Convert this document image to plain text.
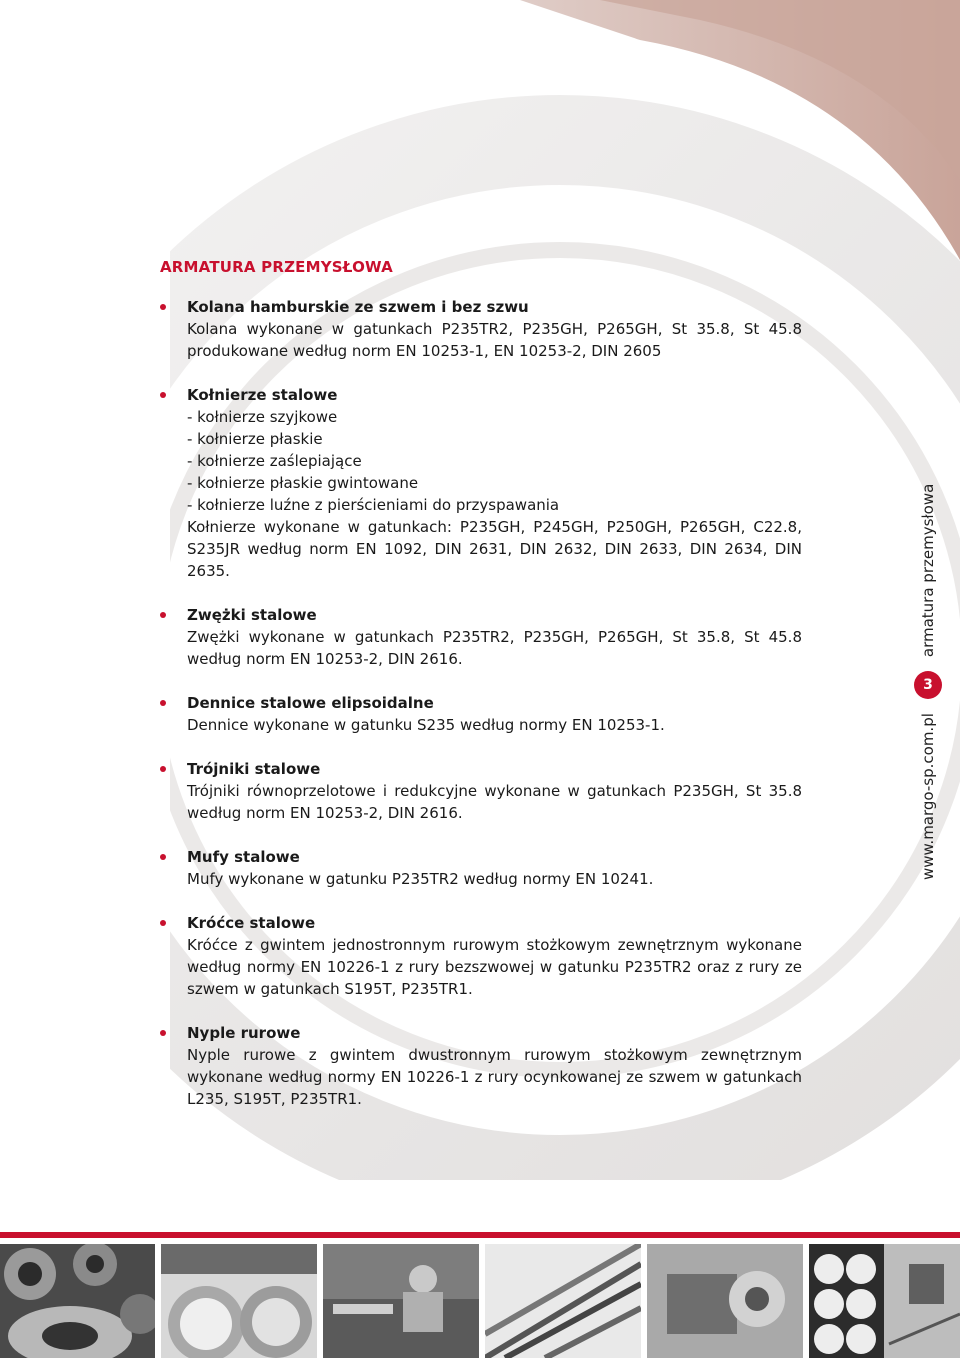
ARMATURA PRZEMYSŁOWA
Kolana hamburskie ze szwem i bez szwu
Kolana wykonane w gatunkach P235TR2, P235GH, P265GH, St 35.8, St 45.8 produkowane według norm EN 10253-1, EN 10253-2, DIN 2605
Kołnierze stalowe
- kołnierze szyjkowe
- kołnierze płaskie
- kołnierze zaślepiające
- kołnierze płaskie gwintowane
- kołnierze luźne z pierścieniami do przyspawania
Kołnierze wykonane w gatunkach: P235GH, P245GH, P250GH, P265GH, C22.8, S235JR według norm EN 1092, DIN 2631, DIN 2632, DIN 2633, DIN 2634, DIN 2635.
Zwężki stalowe
Zwężki wykonane w gatunkach P235TR2, P235GH, P265GH, St 35.8, St 45.8 według norm EN 10253-2, DIN 2616.
Dennice stalowe elipsoidalne
Dennice wykonane w gatunku S235 według normy EN 10253-1.
Trójniki stalowe
Trójniki równoprzelotowe i redukcyjne wykonane w gatunkach P235GH, St 35.8 według norm EN 10253-2, DIN 2616.
Mufy stalowe
Mufy wykonane w gatunku P235TR2 według normy EN 10241.
Króćce stalowe
Króćce z gwintem jednostronnym rurowym stożkowym zewnętrznym wykonane według normy EN 10226-1 z rury bezszwowej w gatunku P235TR2 oraz z rury ze szwem w gatunkach S195T, P235TR1.
Nyple rurowe
Nyple rurowe z gwintem dwustronnym rurowym stożkowym zewnętrznym wykonane według normy EN 10226-1 z rury ocynkowanej ze szwem w gatunkach L235, S195T, P235TR1.
www.margo-sp.com.pl
3
armatura przemysłowa
